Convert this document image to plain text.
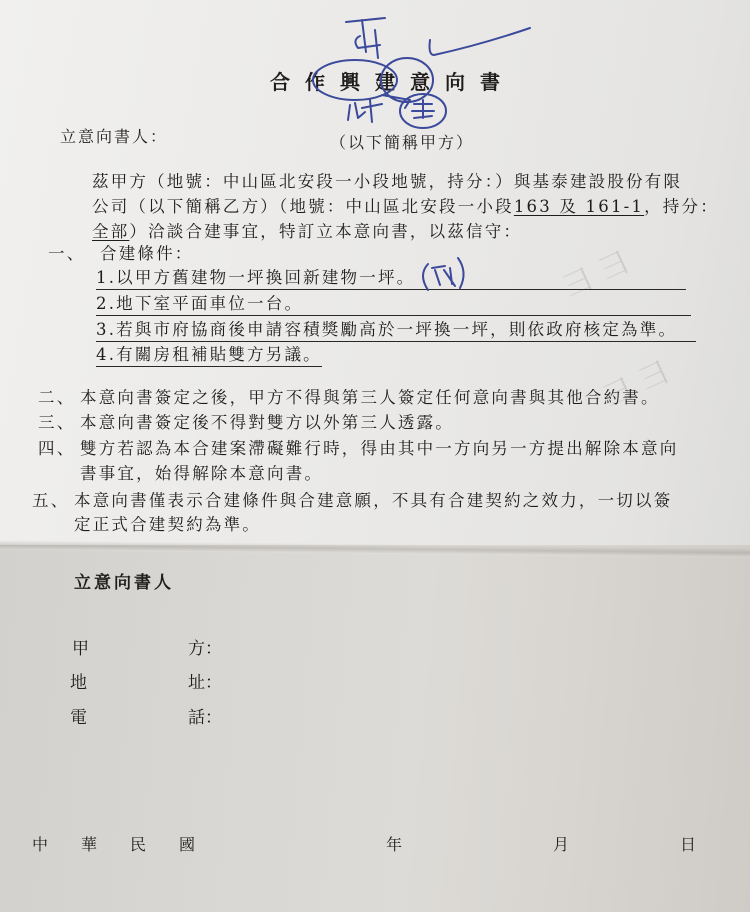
⺕ ⺕
⺕ ⺕
合作興建意向書
立意向書人：	（以下簡稱甲方）
茲甲方（地號：中山區北安段一小段地號，持分：）與基泰建設股份有限
公司（以下簡稱乙方）（地號：中山區北安段一小段163 及 161-1，持分：
全部）洽談合建事宜，特訂立本意向書，以茲信守：
一、 合建條件：
1.以甲方舊建物一坪換回新建物一坪。
2.地下室平面車位一台。
3.若與市府協商後申請容積獎勵高於一坪換一坪，則依政府核定為準。
4.有關房租補貼雙方另議。
二、 本意向書簽定之後，甲方不得與第三人簽定任何意向書與其他合約書。
三、 本意向書簽定後不得對雙方以外第三人透露。
四、 雙方若認為本合建案滯礙難行時，得由其中一方向另一方提出解除本意向
書事宜，始得解除本意向書。
五、 本意向書僅表示合建條件與合建意願，不具有合建契約之效力，一切以簽
定正式合建契約為準。
立意向書人
甲	方：
地	址：
電	話：
中 華 民 國	年	月	日
